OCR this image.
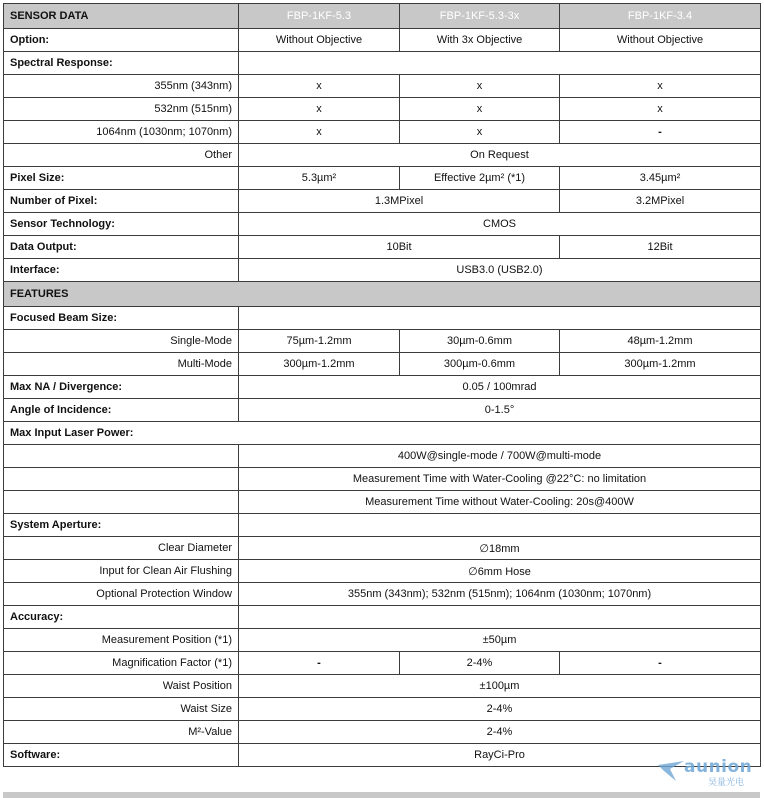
SENSOR DATA	FBP-1KF-5.3	FBP-1KF-5.3-3x	FBP-1KF-3.4
Option:	Without Objective	With 3x Objective	Without Objective
Spectral Response:			
355nm (343nm)	x	x	x
532nm (515nm)	x	x	x
1064nm (1030nm; 1070nm)	x	x	-
Other	On Request		
Pixel Size:	5.3µm²	Effective 2µm² (*1)	3.45µm²
Number of Pixel:	1.3MPixel		3.2MPixel
Sensor Technology:	CMOS		
Data Output:	10Bit		12Bit
Interface:	USB3.0 (USB2.0)		
FEATURES			
Focused Beam Size:			
Single-Mode	75µm-1.2mm	30µm-0.6mm	48µm-1.2mm
Multi-Mode	300µm-1.2mm	300µm-0.6mm	300µm-1.2mm
Max NA / Divergence:	0.05 / 100mrad		
Angle of Incidence:	0-1.5°		
Max Input Laser Power:			
	400W@single-mode / 700W@multi-mode		
	Measurement Time with Water-Cooling @22°C: no limitation		
	Measurement Time without Water-Cooling: 20s@400W		
System Aperture:			
Clear Diameter	∅18mm		
Input for Clean Air Flushing	∅6mm Hose		
Optional Protection Window	355nm (343nm); 532nm (515nm); 1064nm (1030nm; 1070nm)		
Accuracy:			
Measurement Position (*1)	±50µm		
Magnification Factor (*1)	-	2-4%	-
Waist Position	±100µm		
Waist Size	2-4%		
M²-Value	2-4%		
Software:	RayCi-Pro		
aunion
昊量光电
